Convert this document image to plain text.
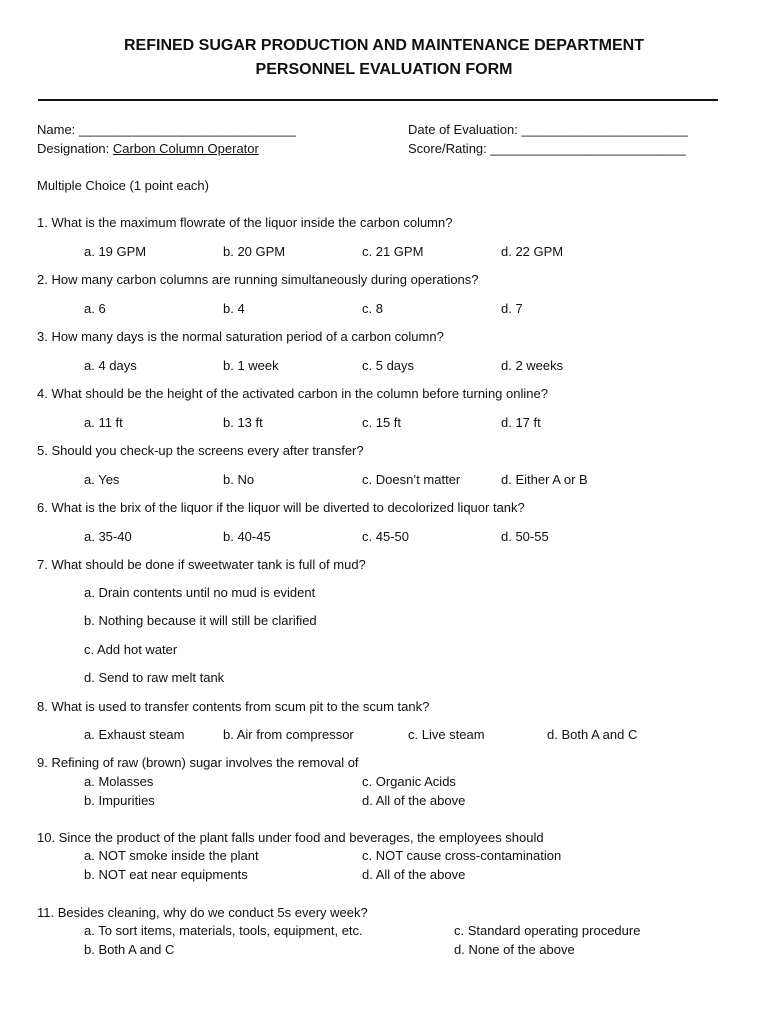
REFINED SUGAR PRODUCTION AND MAINTENANCE DEPARTMENT
PERSONNEL EVALUATION FORM
Name: ______________________________	Date of Evaluation: _______________________
Designation: Carbon Column Operator	Score/Rating: ___________________________
Multiple Choice (1 point each)
1. What is the maximum flowrate of the liquor inside the carbon column?
a. 19 GPM	b. 20 GPM	c. 21 GPM	d. 22 GPM
2. How many carbon columns are running simultaneously during operations?
a. 6	b. 4	c. 8	d. 7
3. How many days is the normal saturation period of a carbon column?
a. 4 days	b. 1 week	c. 5 days	d. 2 weeks
4. What should be the height of the activated carbon in the column before turning online?
a. 11 ft	b. 13 ft	c. 15 ft	d. 17 ft
5. Should you check-up the screens every after transfer?
a. Yes	b. No	c. Doesn’t matter	d. Either A or B
6. What is the brix of the liquor if the liquor will be diverted to decolorized liquor tank?
a. 35-40	b. 40-45	c. 45-50	d. 50-55
7. What should be done if sweetwater tank is full of mud?
a. Drain contents until no mud is evident
b. Nothing because it will still be clarified
c. Add hot water
d. Send to raw melt tank
8. What is used to transfer contents from scum pit to the scum tank?
a. Exhaust steam	b. Air from compressor	c. Live steam	d. Both A and C
9. Refining of raw (brown) sugar involves the removal of
a. Molasses	c. Organic Acids
b. Impurities	d. All of the above
10. Since the product of the plant falls under food and beverages, the employees should
a. NOT smoke inside the plant	c. NOT cause cross-contamination
b. NOT eat near equipments	d. All of the above
11. Besides cleaning, why do we conduct 5s every week?
a. To sort items, materials, tools, equipment, etc.	c. Standard operating procedure
b. Both A and C	d. None of the above
